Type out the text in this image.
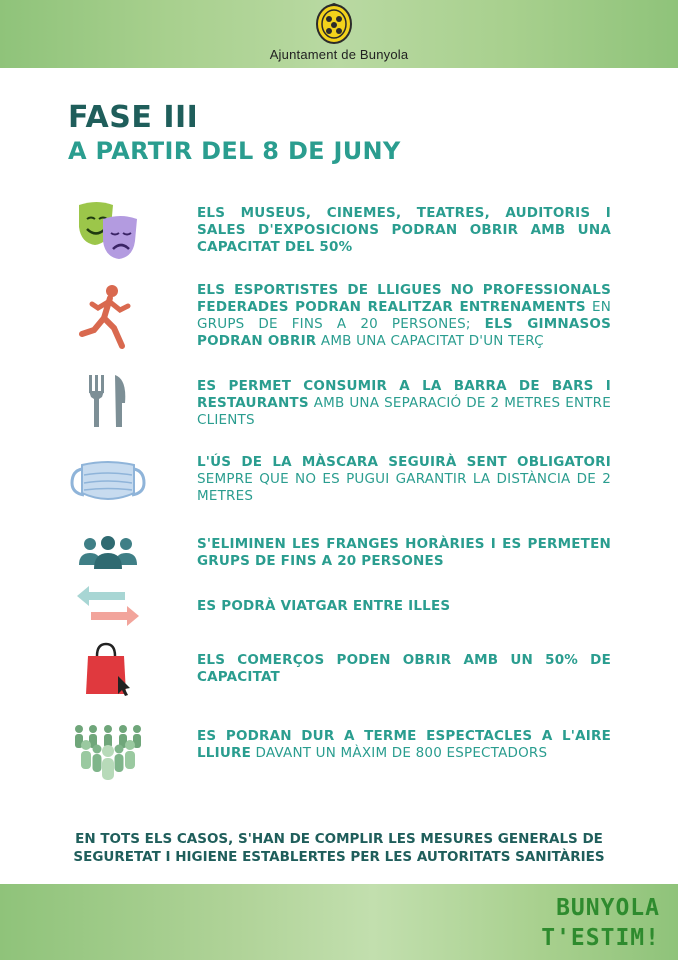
Ajuntament de Bunyola
FASE III
A PARTIR DEL 8 DE JUNY
ELS MUSEUS, CINEMES, TEATRES, AUDITORIS I SALES D'EXPOSICIONS PODRAN OBRIR AMB UNA CAPACITAT DEL 50%
ELS ESPORTISTES DE LLIGUES NO PROFESSIONALS FEDERADES PODRAN REALITZAR ENTRENAMENTS EN GRUPS DE FINS A 20 PERSONES; ELS GIMNASOS PODRAN OBRIR AMB UNA CAPACITAT D'UN TERÇ
ES PERMET CONSUMIR A LA BARRA DE BARS I RESTAURANTS AMB UNA SEPARACIÓ DE 2 METRES ENTRE CLIENTS
L'ÚS DE LA MÀSCARA SEGUIRÀ SENT OBLIGATORI SEMPRE QUE NO ES PUGUI GARANTIR LA DISTÀNCIA DE 2 METRES
S'ELIMINEN LES FRANGES HORÀRIES I ES PERMETEN GRUPS DE FINS A 20 PERSONES
ES PODRÀ VIATGAR ENTRE ILLES
ELS COMERÇOS PODEN OBRIR AMB UN 50% DE CAPACITAT
ES PODRAN DUR A TERME ESPECTACLES A L'AIRE LLIURE DAVANT UN MÀXIM DE 800 ESPECTADORS
EN TOTS ELS CASOS, S'HAN DE COMPLIR LES MESURES GENERALS DE SEGURETAT I HIGIENE ESTABLERTES PER LES AUTORITATS SANITÀRIES
BUNYOLA
T'ESTIM!
